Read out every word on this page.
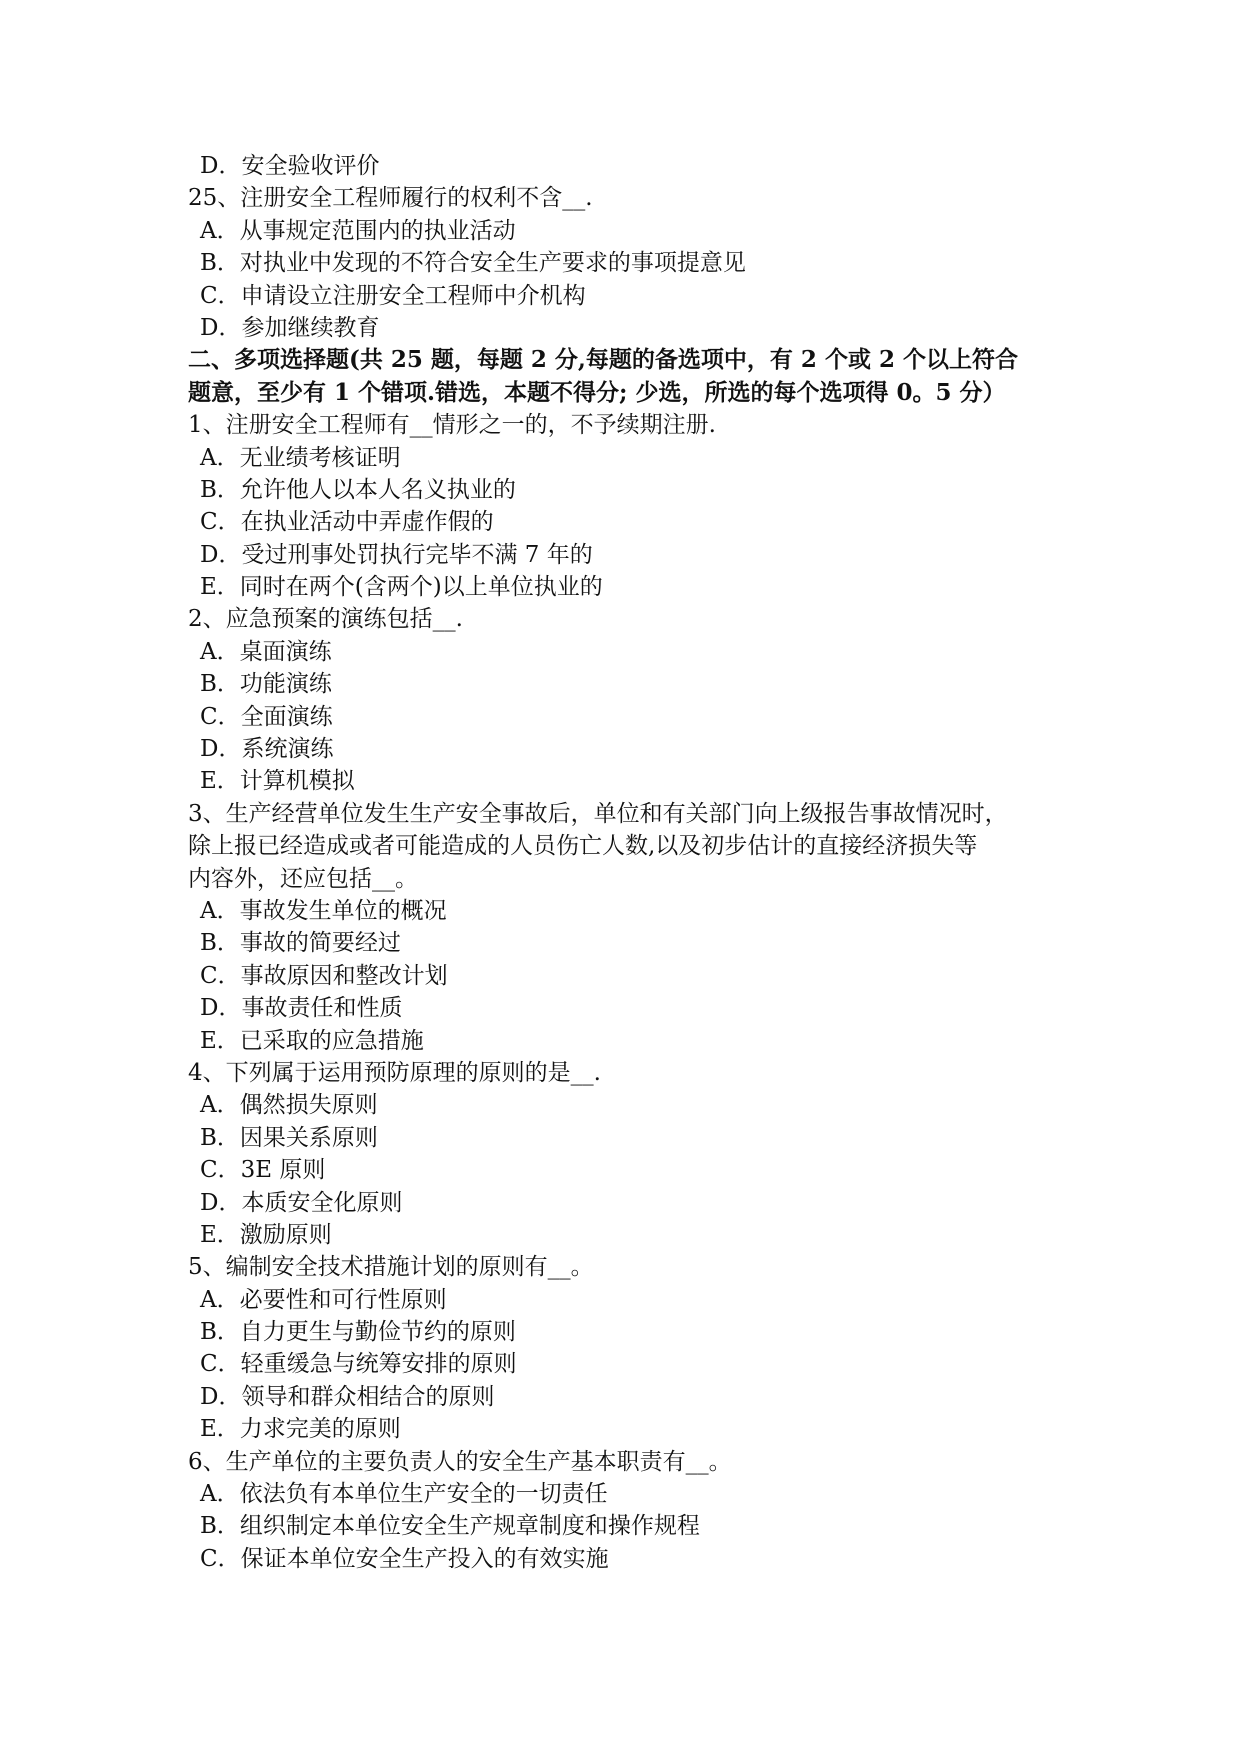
D．安全验收评价
25、注册安全工程师履行的权利不含__.
A．从事规定范围内的执业活动
B．对执业中发现的不符合安全生产要求的事项提意见
C．申请设立注册安全工程师中介机构
D．参加继续教育
二、多项选择题(共 25 题，每题 2 分,每题的备选项中，有 2 个或 2 个以上符合
题意，至少有 1 个错项.错选，本题不得分; 少选，所选的每个选项得 0。5 分）
1、注册安全工程师有__情形之一的，不予续期注册.
A．无业绩考核证明
B．允许他人以本人名义执业的
C．在执业活动中弄虚作假的
D．受过刑事处罚执行完毕不满 7 年的
E．同时在两个(含两个)以上单位执业的
2、应急预案的演练包括__.
A．桌面演练
B．功能演练
C．全面演练
D．系统演练
E．计算机模拟
3、生产经营单位发生生产安全事故后，单位和有关部门向上级报告事故情况时，
除上报已经造成或者可能造成的人员伤亡人数,以及初步估计的直接经济损失等
内容外，还应包括__。
A．事故发生单位的概况
B．事故的简要经过
C．事故原因和整改计划
D．事故责任和性质
E．已采取的应急措施
4、下列属于运用预防原理的原则的是__.
A．偶然损失原则
B．因果关系原则
C．3E 原则
D．本质安全化原则
E．激励原则
5、编制安全技术措施计划的原则有__。
A．必要性和可行性原则
B．自力更生与勤俭节约的原则
C．轻重缓急与统筹安排的原则
D．领导和群众相结合的原则
E．力求完美的原则
6、生产单位的主要负责人的安全生产基本职责有__。
A．依法负有本单位生产安全的一切责任
B．组织制定本单位安全生产规章制度和操作规程
C．保证本单位安全生产投入的有效实施
